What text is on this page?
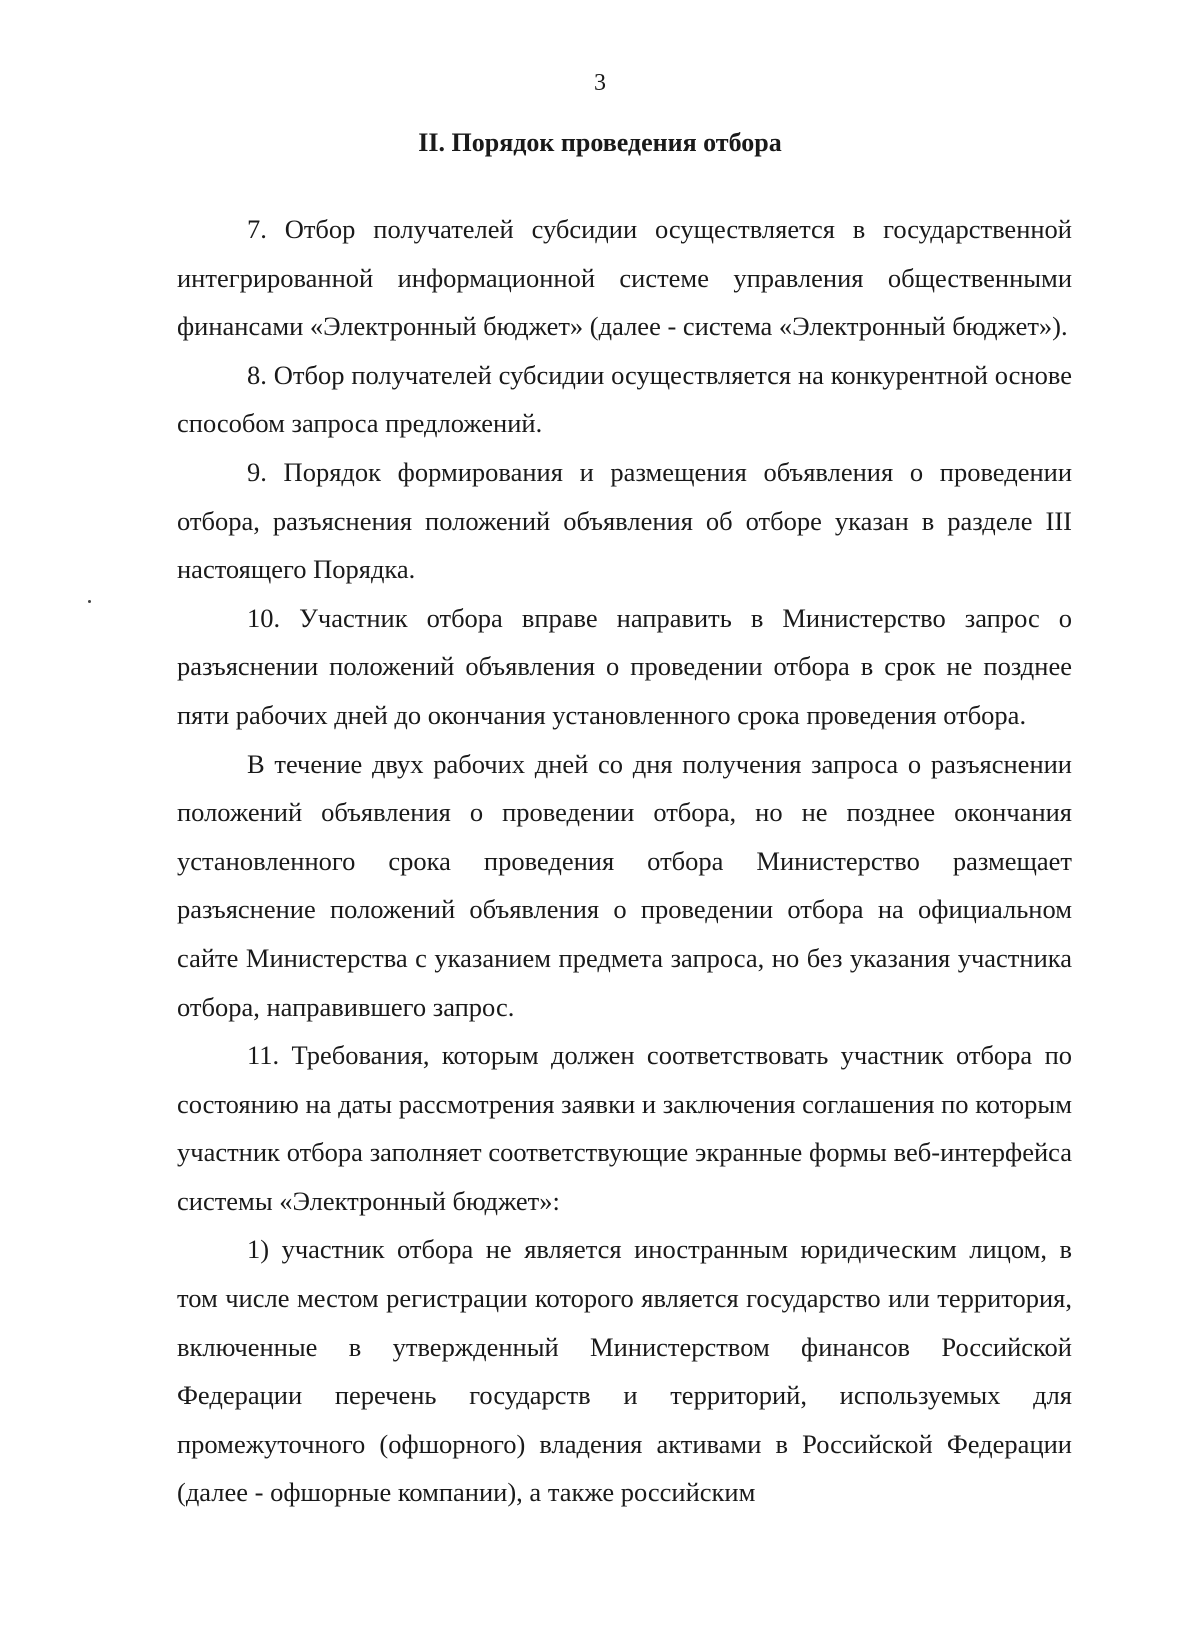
3
II. Порядок проведения отбора

7. Отбор получателей субсидии осуществляется в государственной интегрированной информационной системе управления общественными финансами «Электронный бюджет» (далее - система «Электронный бюджет»).

8. Отбор получателей субсидии осуществляется на конкурентной основе способом запроса предложений.

9. Порядок формирования и размещения объявления о проведении отбора, разъяснения положений объявления об отборе указан в разделе III настоящего Порядка.

10. Участник отбора вправе направить в Министерство запрос о разъяснении положений объявления о проведении отбора в срок не позднее пяти рабочих дней до окончания установленного срока проведения отбора.

В течение двух рабочих дней со дня получения запроса о разъяснении положений объявления о проведении отбора, но не позднее окончания установленного срока проведения отбора Министерство размещает разъяснение положений объявления о проведении отбора на официальном сайте Министерства с указанием предмета запроса, но без указания участника отбора, направившего запрос.

11. Требования, которым должен соответствовать участник отбора по состоянию на даты рассмотрения заявки и заключения соглашения по которым участник отбора заполняет соответствующие экранные формы веб-интерфейса системы «Электронный бюджет»:

1) участник отбора не является иностранным юридическим лицом, в том числе местом регистрации которого является государство или территория, включенные в утвержденный Министерством финансов Российской Федерации перечень государств и территорий, используемых для промежуточного (офшорного) владения активами в Российской Федерации (далее - офшорные компании), а также российским
